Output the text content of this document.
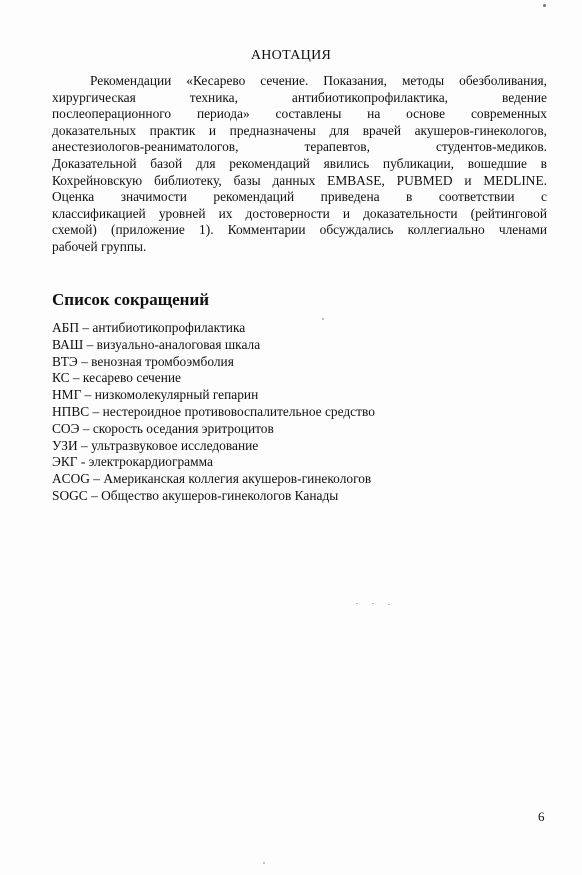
АНОТАЦИЯ
Рекомендации «Кесарево сечение. Показания, методы обезболивания,
хирургическая техника, антибиотикопрофилактика, ведение
послеоперационного периода» составлены на основе современных
доказательных практик и предназначены для врачей акушеров-гинекологов,
анестезиологов-реаниматологов, терапевтов, студентов-медиков.
Доказательной базой для рекомендаций явились публикации, вошедшие в
Кохрейновскую библиотеку, базы данных EMBASE, PUBMED и MEDLINE.
Оценка значимости рекомендаций приведена в соответствии с
классификацией уровней их достоверности и доказательности (рейтинговой
схемой) (приложение 1). Комментарии обсуждались коллегиально членами
рабочей группы.
Список сокращений
АБП – антибиотикопрофилактика
ВАШ – визуально-аналоговая шкала
ВТЭ – венозная тромбоэмболия
КС – кесарево сечение
НМГ – низкомолекулярный гепарин
НПВС – нестероидное противовоспалительное средство
СОЭ – скорость оседания эритроцитов
УЗИ – ультразвуковое исследование
ЭКГ - электрокардиограмма
ACOG – Американская коллегия акушеров-гинекологов
SOGC – Общество акушеров-гинекологов Канады
6
